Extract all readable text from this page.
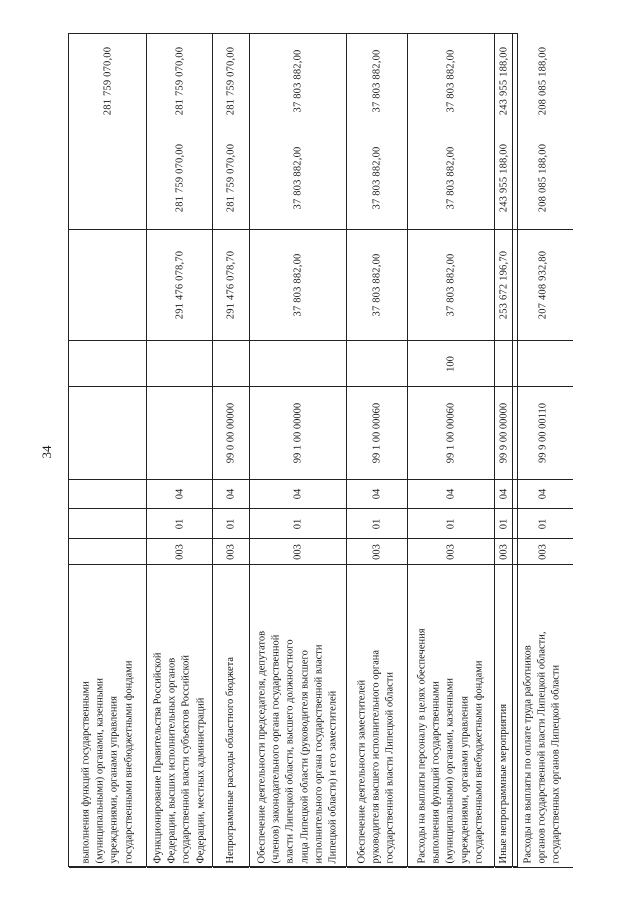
34
выполнения функций государственными (муниципальными) органами, казенными учреждениями, органами управления государственными внебюджетными фондами
281 759 070,00
Функционирование Правительства Российской Федерации, высших исполнительных органов государственной власти субъектов Российской Федерации, местных администраций
003
01
04
291 476 078,70
281 759 070,00
281 759 070,00
Непрограммные расходы областного бюджета
003
01
04
99 0 00 00000
291 476 078,70
281 759 070,00
281 759 070,00
Обеспечение деятельности председателя, депутатов (членов) законодательного органа государственной власти Липецкой области, высшего должностного лица Липецкой области (руководителя высшего исполнительного органа государственной власти Липецкой области) и его заместителей
003
01
04
99 1 00 00000
37 803 882,00
37 803 882,00
37 803 882,00
Обеспечение деятельности заместителей руководителя высшего исполнительного органа государственной власти Липецкой области
003
01
04
99 1 00 00060
37 803 882,00
37 803 882,00
37 803 882,00
Расходы на выплаты персоналу в целях обеспечения выполнения функций государственными (муниципальными) органами, казенными учреждениями, органами управления государственными внебюджетными фондами
003
01
04
99 1 00 00060
100
37 803 882,00
37 803 882,00
37 803 882,00
Иные непрограммные мероприятия
003
01
04
99 9 00 00000
253 672 196,70
243 955 188,00
243 955 188,00
Расходы на выплаты по оплате труда работников органов государственной власти Липецкой области, государственных органов Липецкой области
003
01
04
99 9 00 00110
207 408 932,80
208 085 188,00
208 085 188,00
